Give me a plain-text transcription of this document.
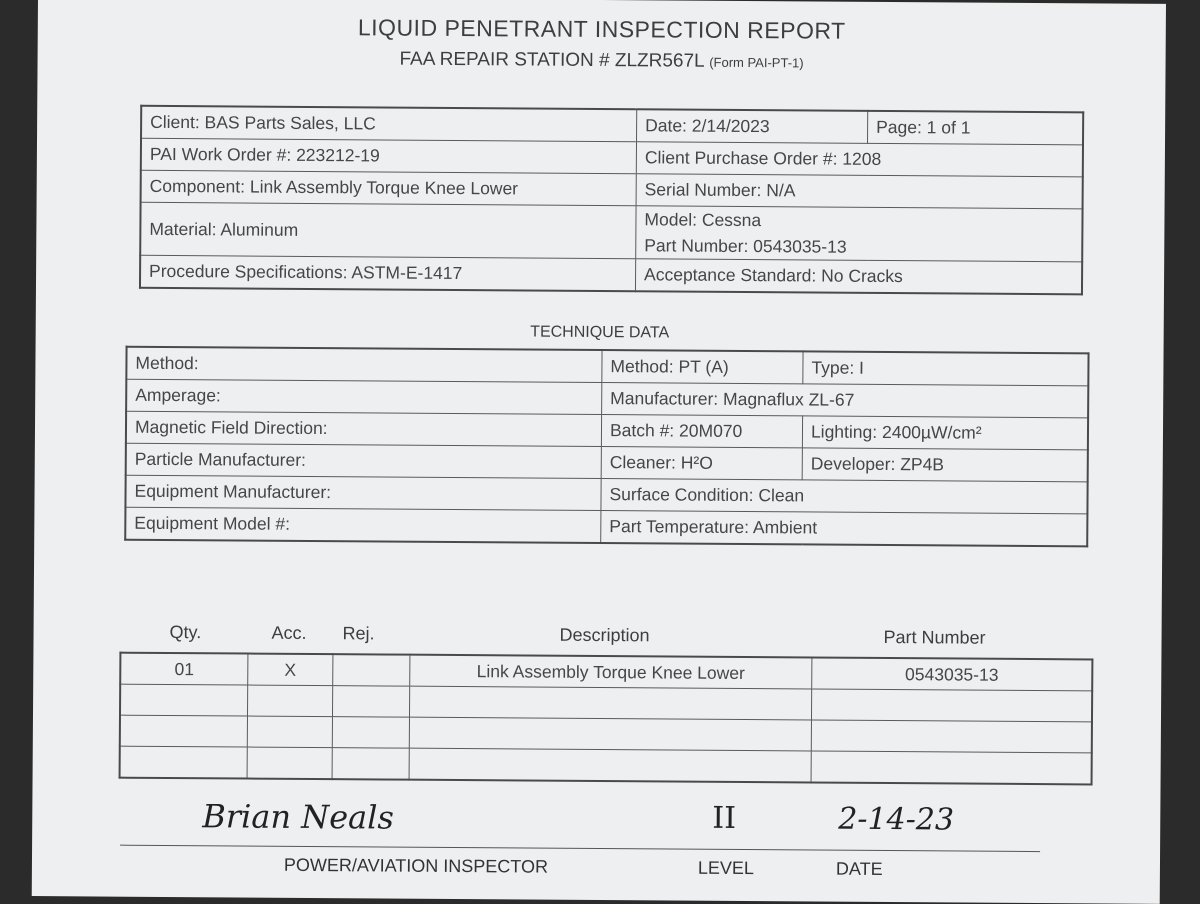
LIQUID PENETRANT INSPECTION REPORT
FAA REPAIR STATION # ZLZR567L (Form PAI-PT-1)
Client: BAS Parts Sales, LLC	Date: 2/14/2023	Page: 1 of 1
PAI Work Order #: 223212-19	Client Purchase Order #: 1208	
Component: Link Assembly Torque Knee Lower	Serial Number: N/A	
Material: Aluminum	Model: Cessna
Part Number: 0543035-13	

Procedure Specifications: ASTM-E-1417	Acceptance Standard: No Cracks	
TECHNIQUE DATA
Method:	Method: PT (A)	Type: I
Amperage:	Manufacturer: Magnaflux ZL-67	
Magnetic Field Direction:	Batch #: 20M070	Lighting: 2400µW/cm²
Particle Manufacturer:	Cleaner: H²O	Developer: ZP4B
Equipment Manufacturer:	Surface Condition: Clean	
Equipment Model #:	Part Temperature: Ambient	
Qty.	Acc. Rej.	Description	Part Number
01	X		Link Assembly Torque Knee Lower	0543035-13

Brian Neals	II	2-14-23
POWER/AVIATION INSPECTOR	LEVEL	DATE
